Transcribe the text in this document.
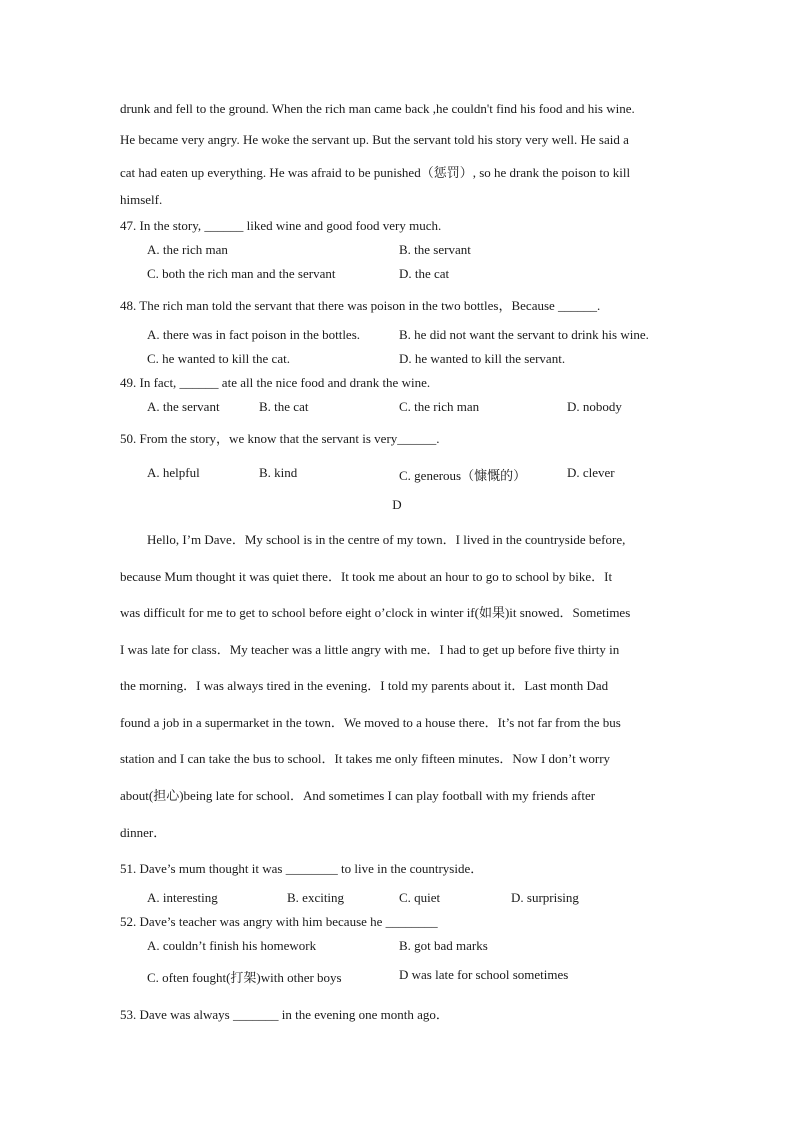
drunk and fell to the ground. When the rich man came back ,he couldn't find his food and his wine.
He became very angry. He woke the servant up. But the servant told his story very well. He said a
cat had eaten up everything. He was afraid to be punished（惩罚）, so he drank the poison to kill
himself.
47. In the story, ______ liked wine and good food very much.
A. the rich man	B. the servant
C. both the rich man and the servant	D. the cat
48. The rich man told the servant that there was poison in the two bottles，Because ______.
A. there was in fact poison in the bottles.	B. he did not want the servant to drink his wine.
C. he wanted to kill the cat.	D. he wanted to kill the servant.
49. In fact, ______ ate all the nice food and drank the wine.
A. the servant	B. the cat	C. the rich man	D. nobody
50. From the story，we know that the servant is very______.
A. helpful	B. kind	C. generous（慷慨的）	D. clever
D
Hello, I’m Dave．My school is in the centre of my town．I lived in the countryside before,
because Mum thought it was quiet there．It took me about an hour to go to school by bike．It
was difficult for me to get to school before eight o’clock in winter if(如果)it snowed．Sometimes
I was late for class．My teacher was a little angry with me．I had to get up before five thirty in
the morning．I was always tired in the evening．I told my parents about it．Last month Dad
found a job in a supermarket in the town．We moved to a house there．It’s not far from the bus
station and I can take the bus to school．It takes me only fifteen minutes．Now I don’t worry
about(担心)being late for school．And sometimes I can play football with my friends after
dinner．
51. Dave’s mum thought it was ________ to live in the countryside．
A. interesting	B. exciting	C. quiet	D. surprising
52. Dave’s teacher was angry with him because he ________
A. couldn’t finish his homework	B. got bad marks
C. often fought(打架)with other boys	D was late for school sometimes
53. Dave was always _______ in the evening one month ago．
